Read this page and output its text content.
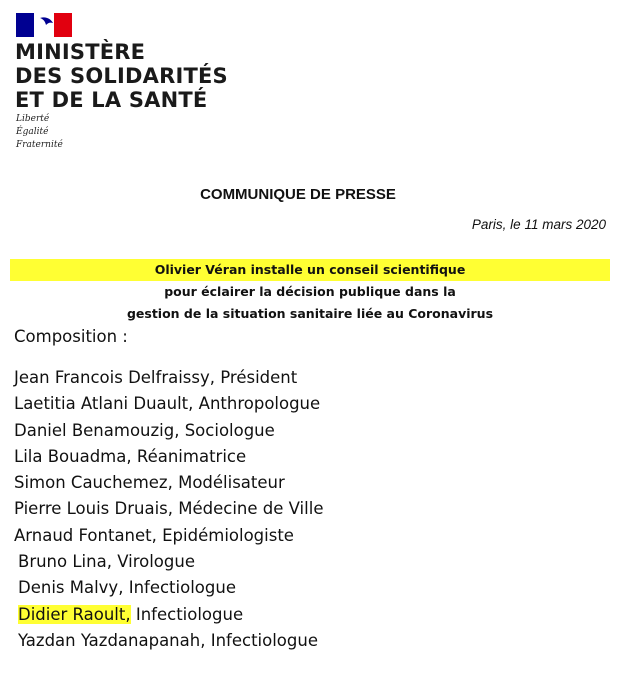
MINISTÈRE
DES SOLIDARITÉS
ET DE LA SANTÉ
Liberté
Égalité
Fraternité
COMMUNIQUE DE PRESSE
Paris, le 11 mars 2020
Olivier Véran installe un conseil scientifique
pour éclairer la décision publique dans la
gestion de la situation sanitaire liée au Coronavirus

Composition :

Jean Francois Delfraissy, Président
Laetitia Atlani Duault, Anthropologue
Daniel Benamouzig, Sociologue
Lila Bouadma, Réanimatrice
Simon Cauchemez, Modélisateur
Pierre Louis Druais, Médecine de Ville
Arnaud Fontanet, Epidémiologiste
Bruno Lina, Virologue
Denis Malvy, Infectiologue
Didier Raoult, Infectiologue
Yazdan Yazdanapanah, Infectiologue
